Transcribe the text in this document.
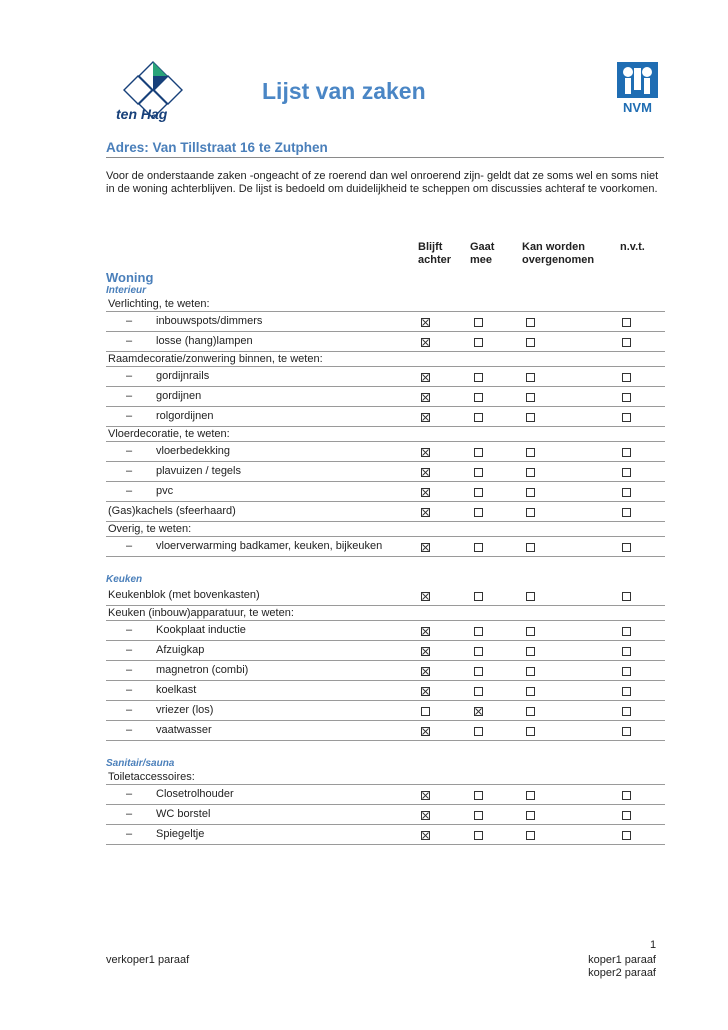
ten Hag
Lijst van zaken
NVM
Adres: Van Tillstraat 16 te Zutphen
Voor de onderstaande zaken -ongeacht of ze roerend dan wel onroerend zijn- geldt dat ze soms wel en soms niet in de woning achterblijven. De lijst is bedoeld om duidelijkheid te scheppen om discussies achteraf te voorkomen.
Blijft
achter
Gaat
mee
Kan worden
overgenomen
n.v.t.
Woning
Interieur
Verlichting, te weten:
– inbouwspots/dimmers
– losse (hang)lampen
Raamdecoratie/zonwering binnen, te weten:
– gordijnrails
– gordijnen
– rolgordijnen
Vloerdecoratie, te weten:
– vloerbedekking
– plavuizen / tegels
– pvc
(Gas)kachels (sfeerhaard)
Overig, te weten:
– vloerverwarming badkamer, keuken, bijkeuken
Keuken
Keukenblok (met bovenkasten)
Keuken (inbouw)apparatuur, te weten:
– Kookplaat inductie
– Afzuigkap
– magnetron (combi)
– koelkast
– vriezer (los)
– vaatwasser
Sanitair/sauna
Toiletaccessoires:
– Closetrolhouder
– WC borstel
– Spiegeltje
1
verkoper1 paraaf	koper1 paraaf
koper2 paraaf
